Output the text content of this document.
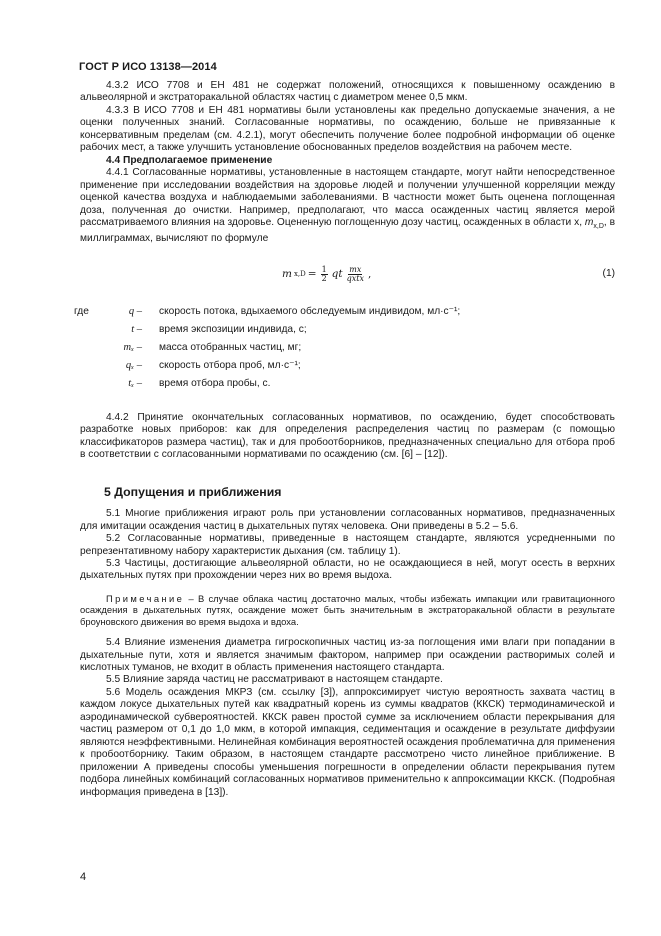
ГОСТ Р ИСО 13138—2014

4.3.2 ИСО 7708 и ЕН 481 не содержат положений, относящихся к повышенному осаждению в альвеолярной и экстраторакальной областях частиц с диаметром менее 0,5 мкм.

4.3.3 В ИСО 7708 и ЕН 481 нормативы были установлены как предельно допускаемые значения, а не оценки полученных знаний. Согласованные нормативы, по осаждению, больше не привязанные к консервативным пределам (см. 4.2.1), могут обеспечить получение более подробной информации об оценке рабочих мест, а также улучшить установление обоснованных пределов воздействия на рабочем месте.

4.4 Предполагаемое применение

4.4.1 Согласованные нормативы, установленные в настоящем стандарте, могут найти непосредственное применение при исследовании воздействия на здоровье людей и получении улучшенной корреляции между оценкой качества воздуха и наблюдаемыми заболеваниями. В частности может быть оценена поглощенная доза, полученная до очистки. Например, предполагают, что масса осажденных частиц является мерой рассматриваемого влияния на здоровье. Оцененную поглощенную дозу частиц, осажденных в области x, $m_{x,D}$, в миллиграммах, вычисляют по формуле

m $x,D = \frac{1}{2}$ qt $\frac{mx}{\text{qxtx}}$ ,	(1)
где	q – скорость потока, вдыхаемого обследуемым индивидом, мл·с⁻¹;
t – время экспозиции индивида, с;
mₓ – масса отобранных частиц, мг;
qₓ – скорость отбора проб, мл·с⁻¹;
tₓ – время отбора пробы, с.

4.4.2 Принятие окончательных согласованных нормативов, по осаждению, будет способствовать разработке новых приборов: как для определения распределения частиц по размерам (с помощью классификаторов размера частиц), так и для пробоотборников, предназначенных специально для отбора проб в соответствии с согласованными нормативами по осаждению (см. [6] – [12]).

5 Допущения и приближения

5.1 Многие приближения играют роль при установлении согласованных нормативов, предназначенных для имитации осаждения частиц в дыхательных путях человека. Они приведены в 5.2 – 5.6.

5.2 Согласованные нормативы, приведенные в настоящем стандарте, являются усредненными по репрезентативному набору характеристик дыхания (см. таблицу 1).

5.3 Частицы, достигающие альвеолярной области, но не осаждающиеся в ней, могут осесть в верхних дыхательных путях при прохождении через них во время выдоха.

Примечание – В случае облака частиц достаточно малых, чтобы избежать импакции или гравитационного осаждения в дыхательных путях, осаждение может быть значительным в экстраторакальной области в результате броуновского движения во время выдоха и вдоха.

5.4 Влияние изменения диаметра гигроскопичных частиц из-за поглощения ими влаги при попадании в дыхательные пути, хотя и является значимым фактором, например при осаждении растворимых солей и кислотных туманов, не входит в область применения настоящего стандарта.

5.5 Влияние заряда частиц не рассматривают в настоящем стандарте.

5.6 Модель осаждения МКРЗ (см. ссылку [3]), аппроксимирует чистую вероятность захвата частиц в каждом локусе дыхательных путей как квадратный корень из суммы квадратов (ККСК) термодинамической и аэродинамической субвероятностей. ККСК равен простой сумме за исключением области перекрывания для частиц размером от 0,1 до 1,0 мкм, в которой импакция, седиментация и осаждение в результате диффузии являются неэффективными. Нелинейная комбинация вероятностей осаждения проблематична для применения к пробоотборнику. Таким образом, в настоящем стандарте рассмотрено чисто линейное приближение. В приложении А приведены способы уменьшения погрешности в определении области перекрывания путем подбора линейных комбинаций согласованных нормативов применительно к аппроксимации ККСК. (Подробная информация приведена в [13]).

4
